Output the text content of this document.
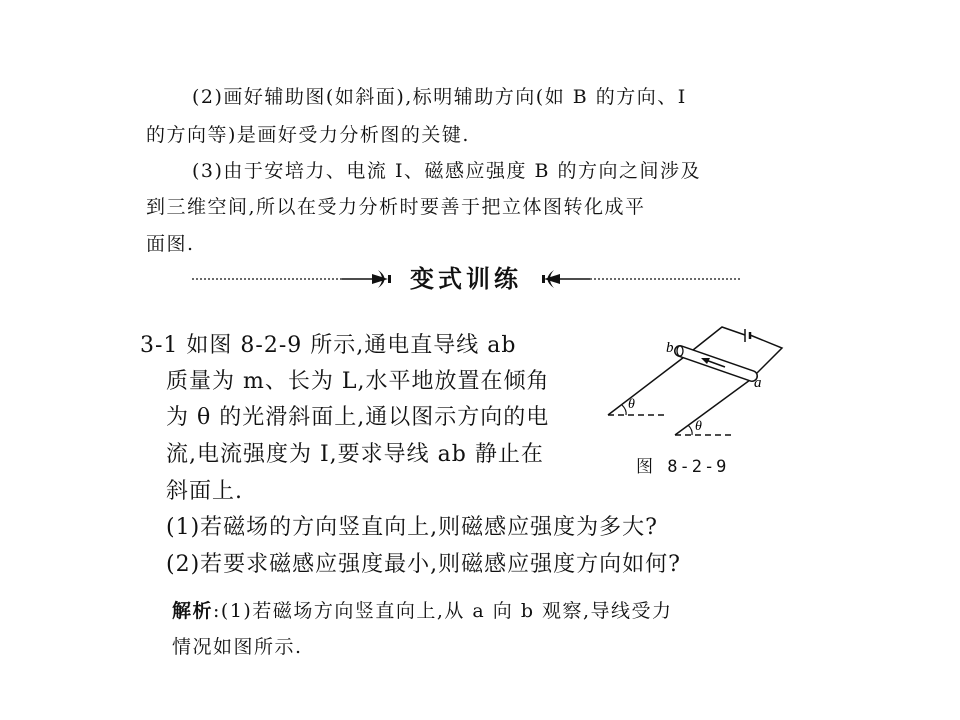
(2)画好辅助图(如斜面),标明辅助方向(如 B 的方向、I
的方向等)是画好受力分析图的关键.
(3)由于安培力、电流 I、磁感应强度 B 的方向之间涉及
到三维空间,所以在受力分析时要善于把立体图转化成平
面图.
变式训练
3-1 如图 8-2-9 所示,通电直导线 ab
质量为 m、长为 L,水平地放置在倾角
为 θ 的光滑斜面上,通以图示方向的电
流,电流强度为 I,要求导线 ab 静止在
斜面上.
(1)若磁场的方向竖直向上,则磁感应强度为多大?
(2)若要求磁感应强度最小,则磁感应强度方向如何?
b
a
θ
θ
图 8-2-9
解析:(1)若磁场方向竖直向上,从 a 向 b 观察,导线受力
情况如图所示.
